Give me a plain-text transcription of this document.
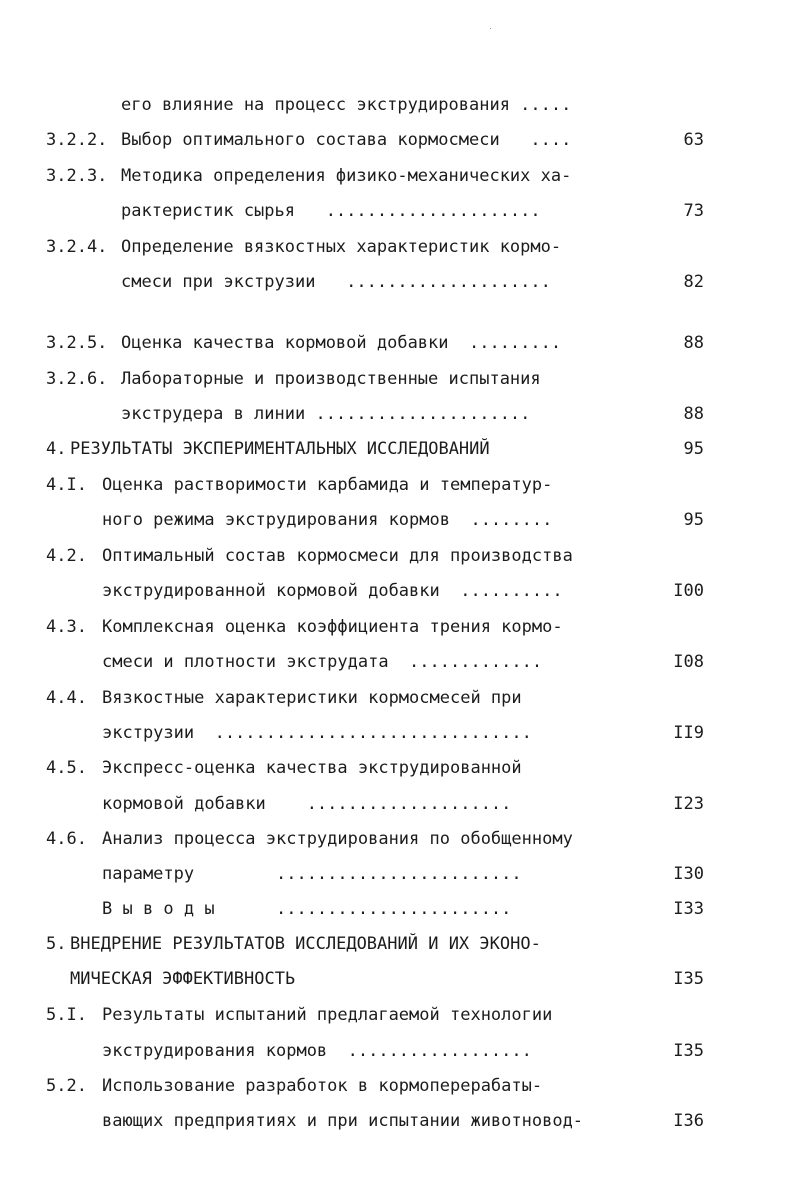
его влияние на процесс экструдирования .....
3.2.2. Выбор оптимального состава кормосмеси   ....	63
3.2.3. Методика определения физико-механических ха-
рактеристик сырья   .....................	73
3.2.4. Определение вязкостных характеристик кормо-
смеси при экструзии   ....................	82
3.2.5. Оценка качества кормовой добавки  .........	88
3.2.6. Лабораторные и производственные испытания
экструдера в линии .....................	88
4. РЕЗУЛЬТАТЫ ЭКСПЕРИМЕНТАЛЬНЫХ ИССЛЕДОВАНИЙ	95
4.I. Оценка растворимости карбамида и температур-
ного режима экструдирования кормов  ........	95
4.2. Оптимальный состав кормосмеси для производства
экструдированной кормовой добавки  ..........	I00
4.3. Комплексная оценка коэффициента трения кормо-
смеси и плотности экструдата  .............	I08
4.4. Вязкостные характеристики кормосмесей при
экструзии  ...............................	II9
4.5. Экспресс-оценка качества экструдированной
кормовой добавки    ....................	I23
4.6. Анализ процесса экструдирования по обобщенному
параметру        ........................	I30
В ы в о д ы      .......................	I33
5. ВНЕДРЕНИЕ РЕЗУЛЬТАТОВ ИССЛЕДОВАНИЙ И ИХ ЭКОНО-
МИЧЕСКАЯ ЭФФЕКТИВНОСТЬ	I35
5.I. Результаты испытаний предлагаемой технологии
экструдирования кормов  ..................	I35
5.2. Использование разработок в кормоперерабаты-
вающих предприятиях и при испытании животновод-	I36
